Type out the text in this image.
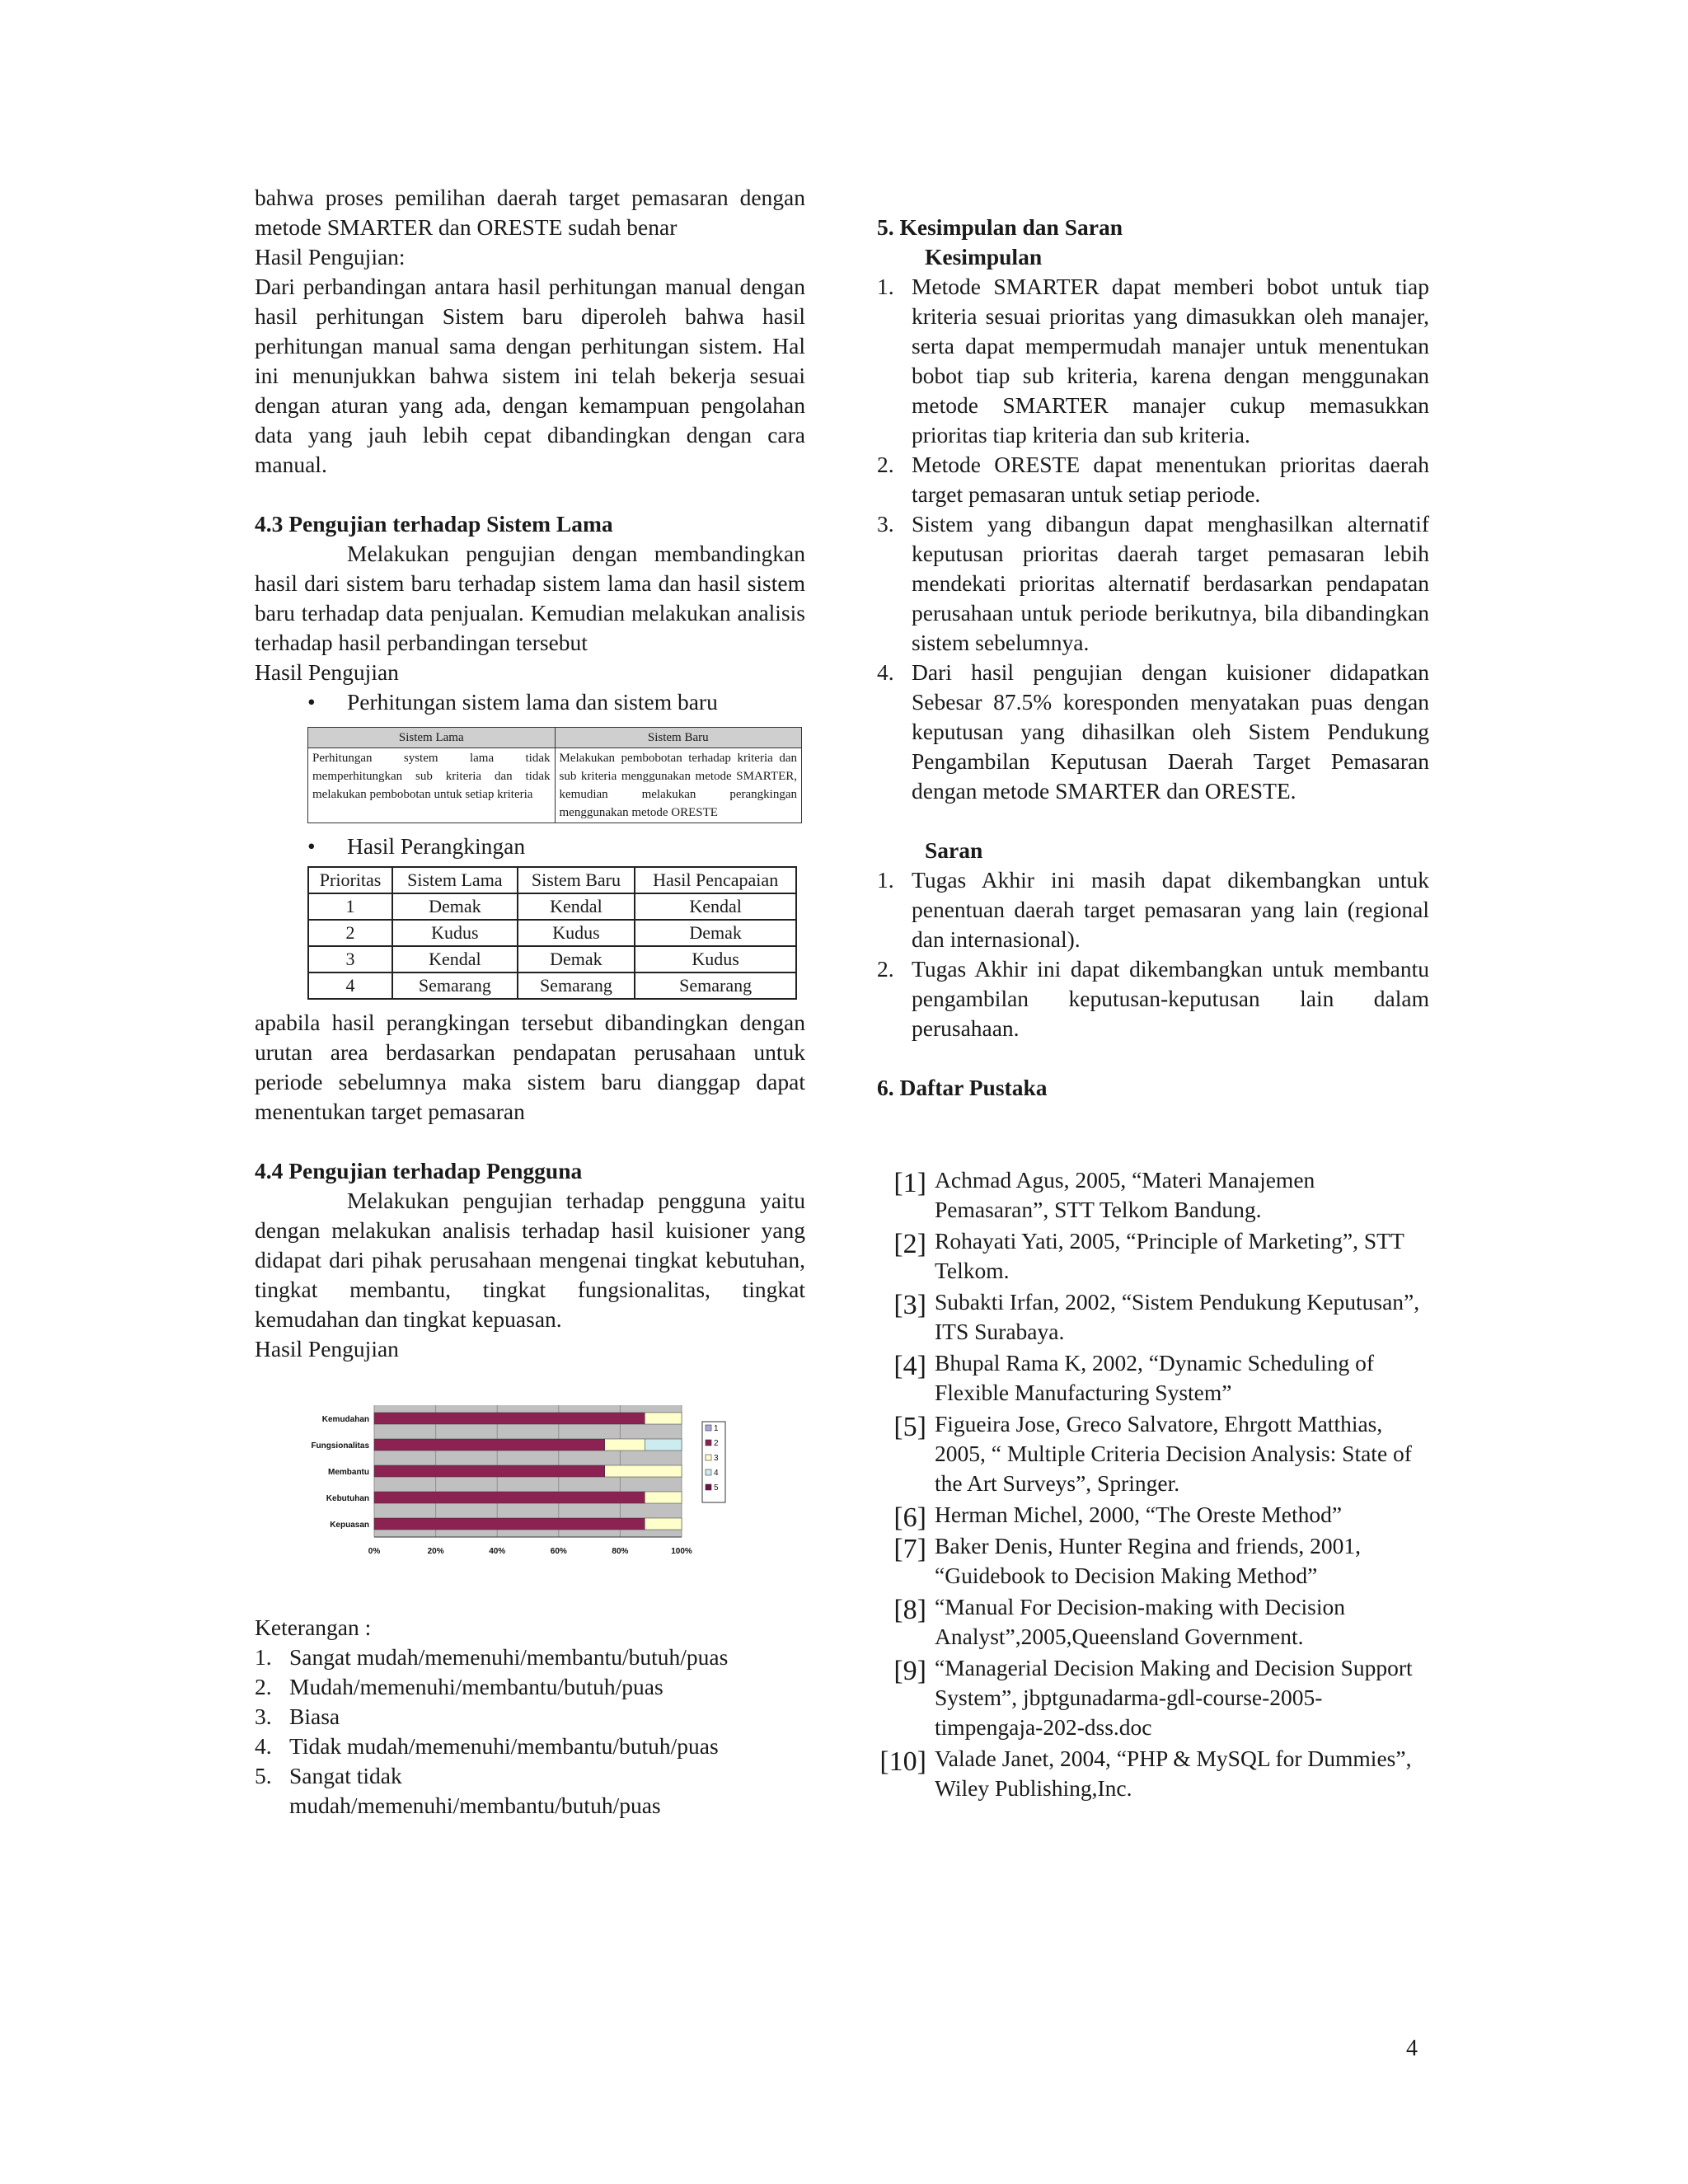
bahwa proses pemilihan daerah target pemasaran dengan metode SMARTER dan ORESTE sudah benar

Hasil Pengujian:

Dari perbandingan antara hasil perhitungan manual dengan hasil perhitungan Sistem baru diperoleh bahwa hasil perhitungan manual sama dengan perhitungan sistem. Hal ini menunjukkan bahwa sistem ini telah bekerja sesuai dengan aturan yang ada, dengan kemampuan pengolahan data yang jauh lebih cepat dibandingkan dengan cara manual.

4.3 Pengujian terhadap Sistem Lama

Melakukan pengujian dengan membandingkan hasil dari sistem baru terhadap sistem lama dan hasil sistem baru terhadap data penjualan. Kemudian melakukan analisis terhadap hasil perbandingan tersebut

Hasil Pengujian

• Perhitungan sistem lama dan sistem baru
Sistem Lama	Sistem Baru
Perhitungan system lama tidak memperhitungkan sub kriteria dan tidak melakukan pembobotan untuk setiap kriteria	Melakukan pembobotan terhadap kriteria dan sub kriteria menggunakan metode SMARTER, kemudian melakukan perangkingan menggunakan metode ORESTE
• Hasil Perangkingan
Prioritas	Sistem Lama	Sistem Baru	Hasil Pencapaian
1	Demak	Kendal	Kendal
2	Kudus	Kudus	Demak
3	Kendal	Demak	Kudus
4	Semarang	Semarang	Semarang

apabila hasil perangkingan tersebut dibandingkan dengan urutan area berdasarkan pendapatan perusahaan untuk periode sebelumnya maka sistem baru dianggap dapat menentukan target pemasaran

4.4 Pengujian terhadap Pengguna

Melakukan pengujian terhadap pengguna yaitu dengan melakukan analisis terhadap hasil kuisioner yang didapat dari pihak perusahaan mengenai tingkat kebutuhan, tingkat membantu, tingkat fungsionalitas, tingkat kemudahan dan tingkat kepuasan.

Hasil Pengujian

0%	20%	40%	60%	80%	100%
Kemudahan
Fungsionalitas
Membantu
Kebutuhan
Kepuasan
1
2
3
4
5

Keterangan :

1. Sangat mudah/memenuhi/membantu/butuh/puas
2. Mudah/memenuhi/membantu/butuh/puas
3. Biasa
4. Tidak mudah/memenuhi/membantu/butuh/puas
5. Sangat tidak mudah/memenuhi/membantu/butuh/puas

5. Kesimpulan dan Saran

Kesimpulan

1. Metode SMARTER dapat memberi bobot untuk tiap kriteria sesuai prioritas yang dimasukkan oleh manajer, serta dapat mempermudah manajer untuk menentukan bobot tiap sub kriteria, karena dengan menggunakan metode SMARTER manajer cukup memasukkan prioritas tiap kriteria dan sub kriteria.
2. Metode ORESTE dapat menentukan prioritas daerah target pemasaran untuk setiap periode.
3. Sistem yang dibangun dapat menghasilkan alternatif keputusan prioritas daerah target pemasaran lebih mendekati prioritas alternatif berdasarkan pendapatan perusahaan untuk periode berikutnya, bila dibandingkan sistem sebelumnya.
4. Dari hasil pengujian dengan kuisioner didapatkan Sebesar 87.5% koresponden menyatakan puas dengan keputusan yang dihasilkan oleh Sistem Pendukung Pengambilan Keputusan Daerah Target Pemasaran dengan metode SMARTER dan ORESTE.

Saran

1. Tugas Akhir ini masih dapat dikembangkan untuk penentuan daerah target pemasaran yang lain (regional dan internasional).
2. Tugas Akhir ini dapat dikembangkan untuk membantu pengambilan keputusan-keputusan lain dalam perusahaan.

6. Daftar Pustaka

[1] Achmad Agus, 2005, “Materi Manajemen Pemasaran”, STT Telkom Bandung.
[2] Rohayati Yati, 2005, “Principle of Marketing”, STT Telkom.
[3] Subakti Irfan, 2002, “Sistem Pendukung Keputusan”, ITS Surabaya.
[4] Bhupal Rama K, 2002, “Dynamic Scheduling of Flexible Manufacturing System”
[5] Figueira Jose, Greco Salvatore, Ehrgott Matthias, 2005, “ Multiple Criteria Decision Analysis: State of the Art Surveys”, Springer.
[6] Herman Michel, 2000, “The Oreste Method”
[7] Baker Denis, Hunter Regina and friends, 2001, “Guidebook to Decision Making Method”
[8] “Manual For Decision-making with Decision Analyst”,2005,Queensland Government.
[9] “Managerial Decision Making and Decision Support System”, jbptgunadarma-gdl-course-2005-timpengaja-202-dss.doc
[10] Valade Janet, 2004, “PHP & MySQL for Dummies”, Wiley Publishing,Inc.
4
